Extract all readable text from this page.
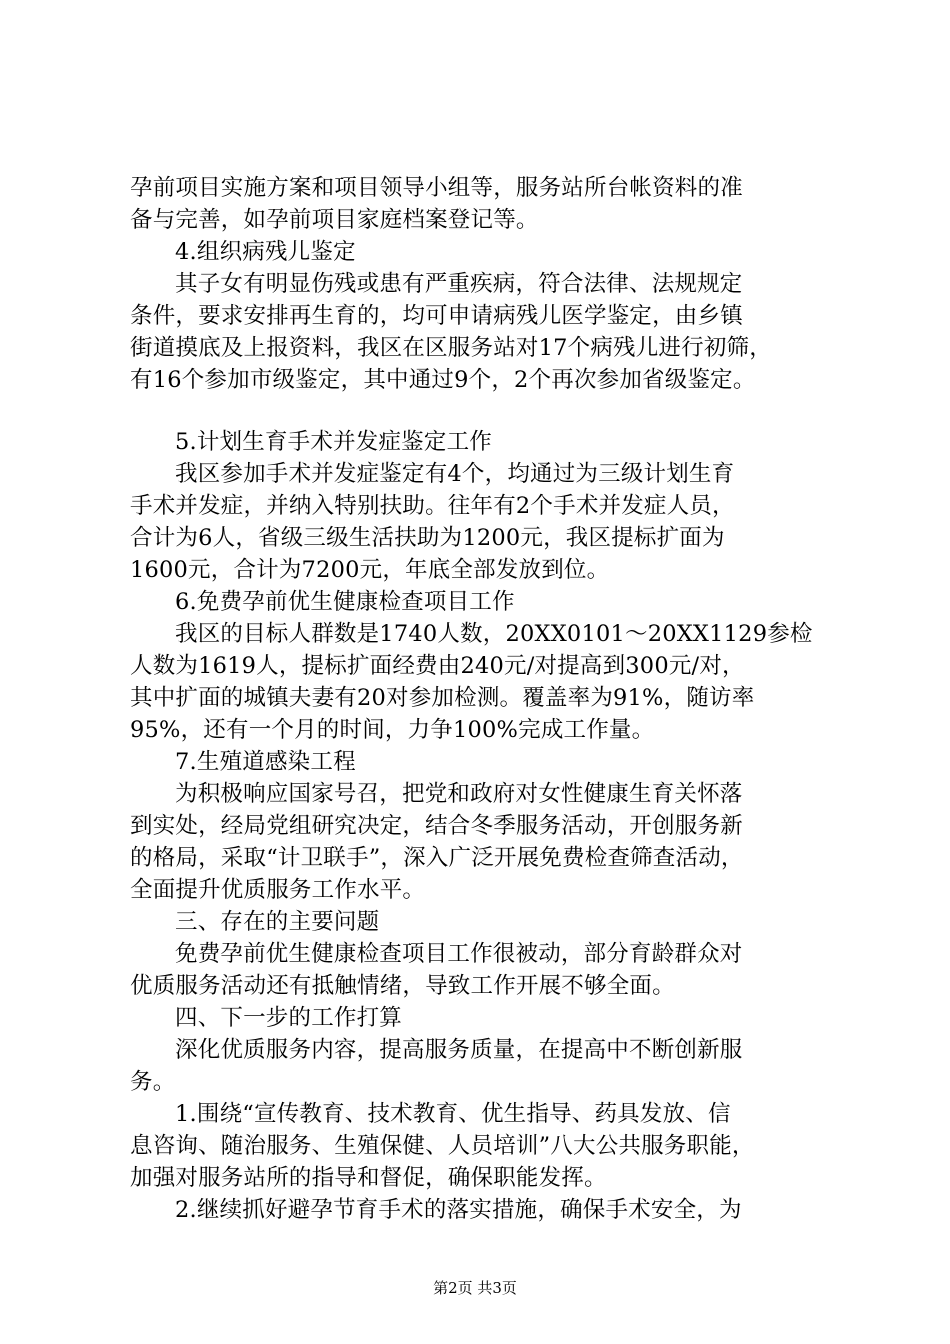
孕前项目实施方案和项目领导小组等，服务站所台帐资料的准
备与完善，如孕前项目家庭档案登记等。
4.组织病残儿鉴定
其子女有明显伤残或患有严重疾病，符合法律、法规规定
条件，要求安排再生育的，均可申请病残儿医学鉴定，由乡镇
街道摸底及上报资料，我区在区服务站对17个病残儿进行初筛，
有16个参加市级鉴定，其中通过9个，2个再次参加省级鉴定。
5.计划生育手术并发症鉴定工作
我区参加手术并发症鉴定有4个，均通过为三级计划生育
手术并发症，并纳入特别扶助。往年有2个手术并发症人员，
合计为6人，省级三级生活扶助为1200元，我区提标扩面为
1600元，合计为7200元，年底全部发放到位。
6.免费孕前优生健康检查项目工作
我区的目标人群数是1740人数，20XX0101～20XX1129参检
人数为1619人，提标扩面经费由240元/对提高到300元/对，
其中扩面的城镇夫妻有20对参加检测。覆盖率为91%，随访率
95%，还有一个月的时间，力争100%完成工作量。
7.生殖道感染工程
为积极响应国家号召，把党和政府对女性健康生育关怀落
到实处，经局党组研究决定，结合冬季服务活动，开创服务新
的格局，采取“计卫联手”，深入广泛开展免费检查筛查活动，
全面提升优质服务工作水平。
三、存在的主要问题
免费孕前优生健康检查项目工作很被动，部分育龄群众对
优质服务活动还有抵触情绪，导致工作开展不够全面。
四、下一步的工作打算
深化优质服务内容，提高服务质量，在提高中不断创新服
务。
1.围绕“宣传教育、技术教育、优生指导、药具发放、信
息咨询、随治服务、生殖保健、人员培训”八大公共服务职能，
加强对服务站所的指导和督促，确保职能发挥。
2.继续抓好避孕节育手术的落实措施，确保手术安全，为
第2页 共3页
